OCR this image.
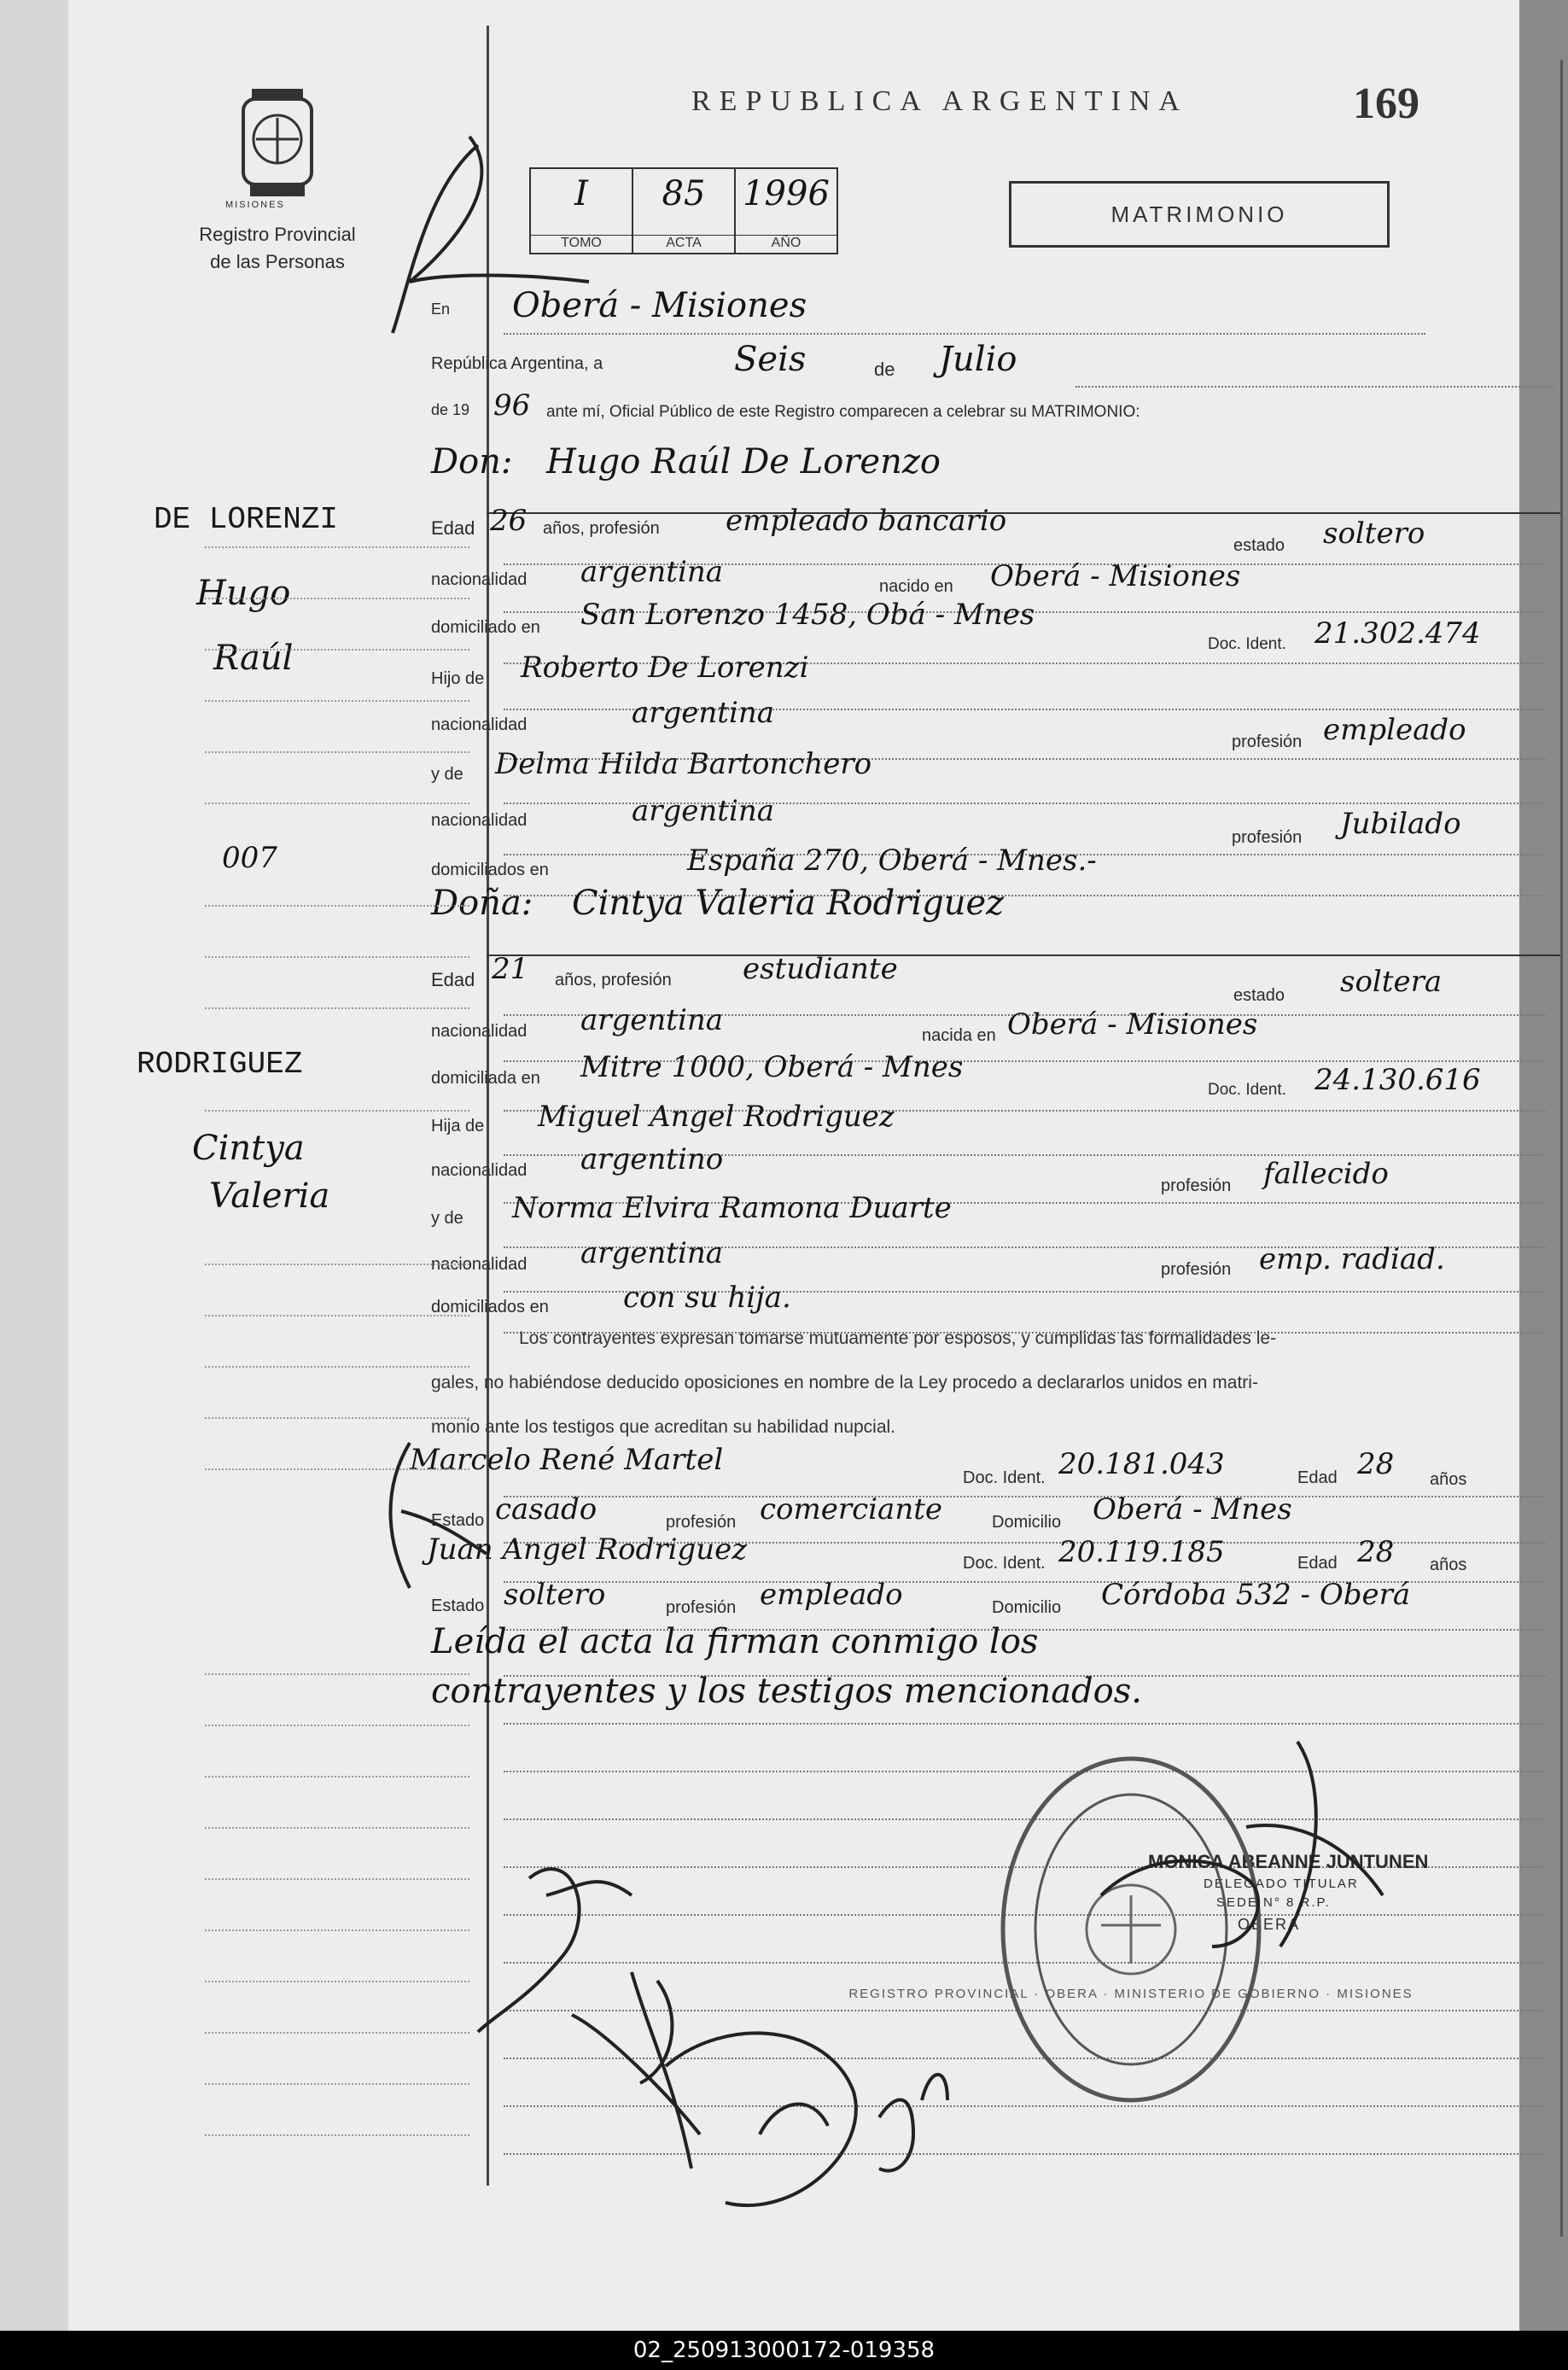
MISIONES
Registro Provincial
de las Personas
REPUBLICA ARGENTINA	169
I
TOMO
85
ACTA
1996
AÑO
MATRIMONIO
En Oberá - Misiones
República Argentina, a	Seis	de Julio
de 19 96 ante mí, Oficial Público de este Registro comparecen a celebrar su MATRIMONIO:
Don: Hugo Raúl De Lorenzo
Edad 26 años, profesión empleado bancario
estado soltero
nacionalidad argentina	nacido en Oberá - Misiones
domiciliado en San Lorenzo 1458, Obá - Mnes
Doc. Ident. 21.302.474
Hijo de Roberto De Lorenzi
nacionalidad	argentina
profesión empleado
y de Delma Hilda Bartonchero
nacionalidad	argentina
profesión Jubilado
domiciliados en	España 270, Oberá - Mnes.-
Doña: Cintya Valeria Rodriguez
Edad 21 años, profesión estudiante
estado soltera
nacionalidad argentina	nacida en Oberá - Misiones
domiciliada en Mitre 1000, Oberá - Mnes
Doc. Ident. 24.130.616
Hija de Miguel Angel Rodriguez
nacionalidad argentino
profesión fallecido
y de Norma Elvira Ramona Duarte
nacionalidad argentina	profesión emp. radiad.
domiciliados en	con su hija.
Los contrayentes expresan tomarse mutuamente por esposos, y cumplidas las formalidades le-
gales, no habiéndose deducido oposiciones en nombre de la Ley procedo a declararlos unidos en matri-
monio ante los testigos que acreditan su habilidad nupcial.
Marcelo René Martel
Doc. Ident. 20.181.043	Edad 28 años
Estado casado	profesión comerciante	Domicilio Oberá - Mnes
Juan Angel Rodriguez	Doc. Ident. 20.119.185	Edad 28 años
Estado soltero	profesión empleado	Domicilio Córdoba 532 - Oberá
Leída el acta la firman conmigo los
contrayentes y los testigos mencionados.
DE LORENZI
Hugo
Raúl
007
RODRIGUEZ
Cintya
Valeria
MONICA ABEANNE JUNTUNEN
DELEGADO TITULAR
SEDE N° 8 R.P.
OBERA
REGISTRO PROVINCIAL · OBERA · MINISTERIO DE GOBIERNO · MISIONES
02_250913000172-019358
